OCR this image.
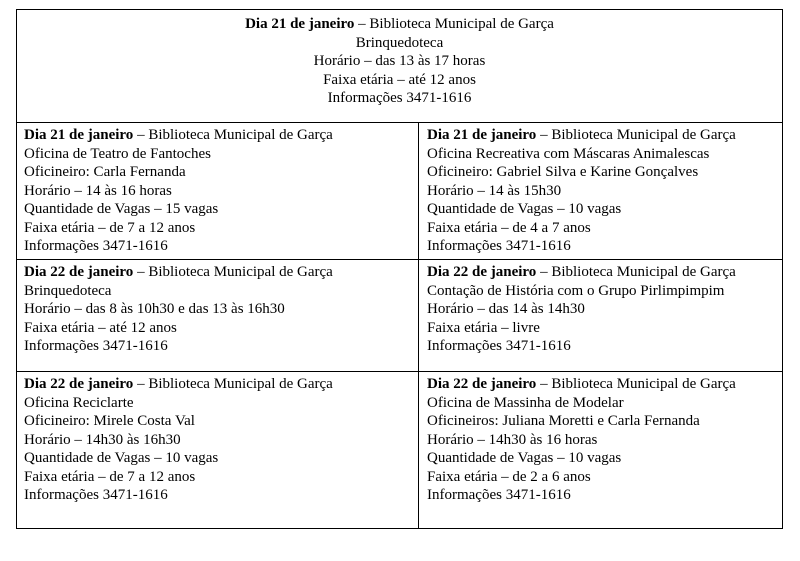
Dia 21 de janeiro – Biblioteca Municipal de Garça
Brinquedoteca
Horário – das 13 às 17 horas
Faixa etária – até 12 anos
Informações 3471-1616
Dia 21 de janeiro – Biblioteca Municipal de Garça
Oficina de Teatro de Fantoches
Oficineiro: Carla Fernanda
Horário – 14 às 16 horas
Quantidade de Vagas – 15 vagas
Faixa etária – de 7 a 12 anos
Informações 3471-1616
Dia 21 de janeiro – Biblioteca Municipal de Garça
Oficina Recreativa com Máscaras Animalescas
Oficineiro: Gabriel Silva e Karine Gonçalves
Horário – 14 às 15h30
Quantidade de Vagas – 10 vagas
Faixa etária – de 4 a 7 anos
Informações 3471-1616
Dia 22 de janeiro – Biblioteca Municipal de Garça
Brinquedoteca
Horário – das 8 às 10h30 e das 13 às 16h30
Faixa etária – até 12 anos
Informações 3471-1616
Dia 22 de janeiro – Biblioteca Municipal de Garça
Contação de História com o Grupo Pirlimpimpim
Horário – das 14 às 14h30
Faixa etária – livre
Informações 3471-1616
Dia 22 de janeiro – Biblioteca Municipal de Garça
Oficina Reciclarte
Oficineiro: Mirele Costa Val
Horário – 14h30 às 16h30
Quantidade de Vagas – 10 vagas
Faixa etária – de 7 a 12 anos
Informações 3471-1616
Dia 22 de janeiro – Biblioteca Municipal de Garça
Oficina de Massinha de Modelar
Oficineiros: Juliana Moretti e Carla Fernanda
Horário – 14h30 às 16 horas
Quantidade de Vagas – 10 vagas
Faixa etária – de 2 a 6 anos
Informações 3471-1616
